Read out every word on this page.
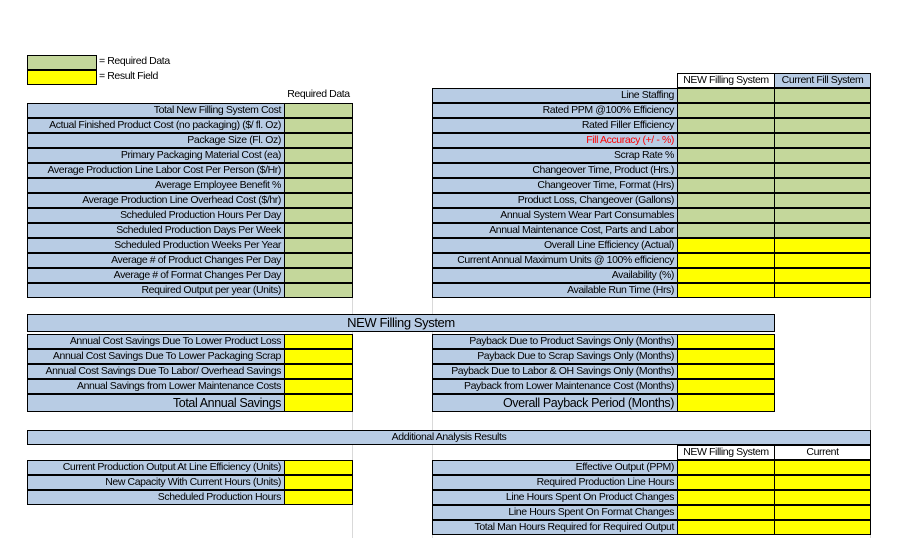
= Required Data
= Result Field
Required Data
Total New Filling System Cost
Actual Finished Product Cost (no packaging) ($/ fl. Oz)
Package Size (Fl. Oz)
Primary Packaging Material Cost (ea)
Average Production Line Labor Cost Per Person ($/Hr)
Average Employee Benefit %
Average Production Line Overhead Cost ($/hr)
Scheduled Production Hours Per Day
Scheduled Production Days Per Week
Scheduled Production Weeks Per Year
Average # of Product Changes Per Day
Average # of Format Changes Per Day
Required Output per year (Units)
NEW Filling System	Current Fill System
Line Staffing
Rated PPM @100% Efficiency
Rated Filler Efficiency
Fill Accuracy (+/ - %)
Scrap Rate %
Changeover Time, Product (Hrs.)
Changeover Time, Format (Hrs)
Product Loss, Changeover (Gallons)
Annual System Wear Part Consumables
Annual Maintenance Cost, Parts and Labor
Overall Line Efficiency (Actual)
Current Annual Maximum Units @ 100% efficiency
Availability (%)
Available Run Time (Hrs)
NEW Filling System
Annual Cost Savings Due To Lower Product Loss
Annual Cost Savings Due To Lower Packaging Scrap
Annual Cost Savings Due To Labor/ Overhead Savings
Annual Savings from Lower Maintenance Costs
Total Annual Savings
Payback Due to Product Savings Only (Months)
Payback Due to Scrap Savings Only (Months)
Payback Due to Labor & OH Savings Only (Months)
Payback from Lower Maintenance Cost (Months)
Overall Payback Period (Months)
Additional Analysis Results
NEW Filling System	Current
Current Production Output At Line Efficiency (Units)
New Capacity With Current Hours (Units)
Scheduled Production Hours
Effective Output (PPM)
Required Production Line Hours
Line Hours Spent On Product Changes
Line Hours Spent On Format Changes
Total Man Hours Required for Required Output
